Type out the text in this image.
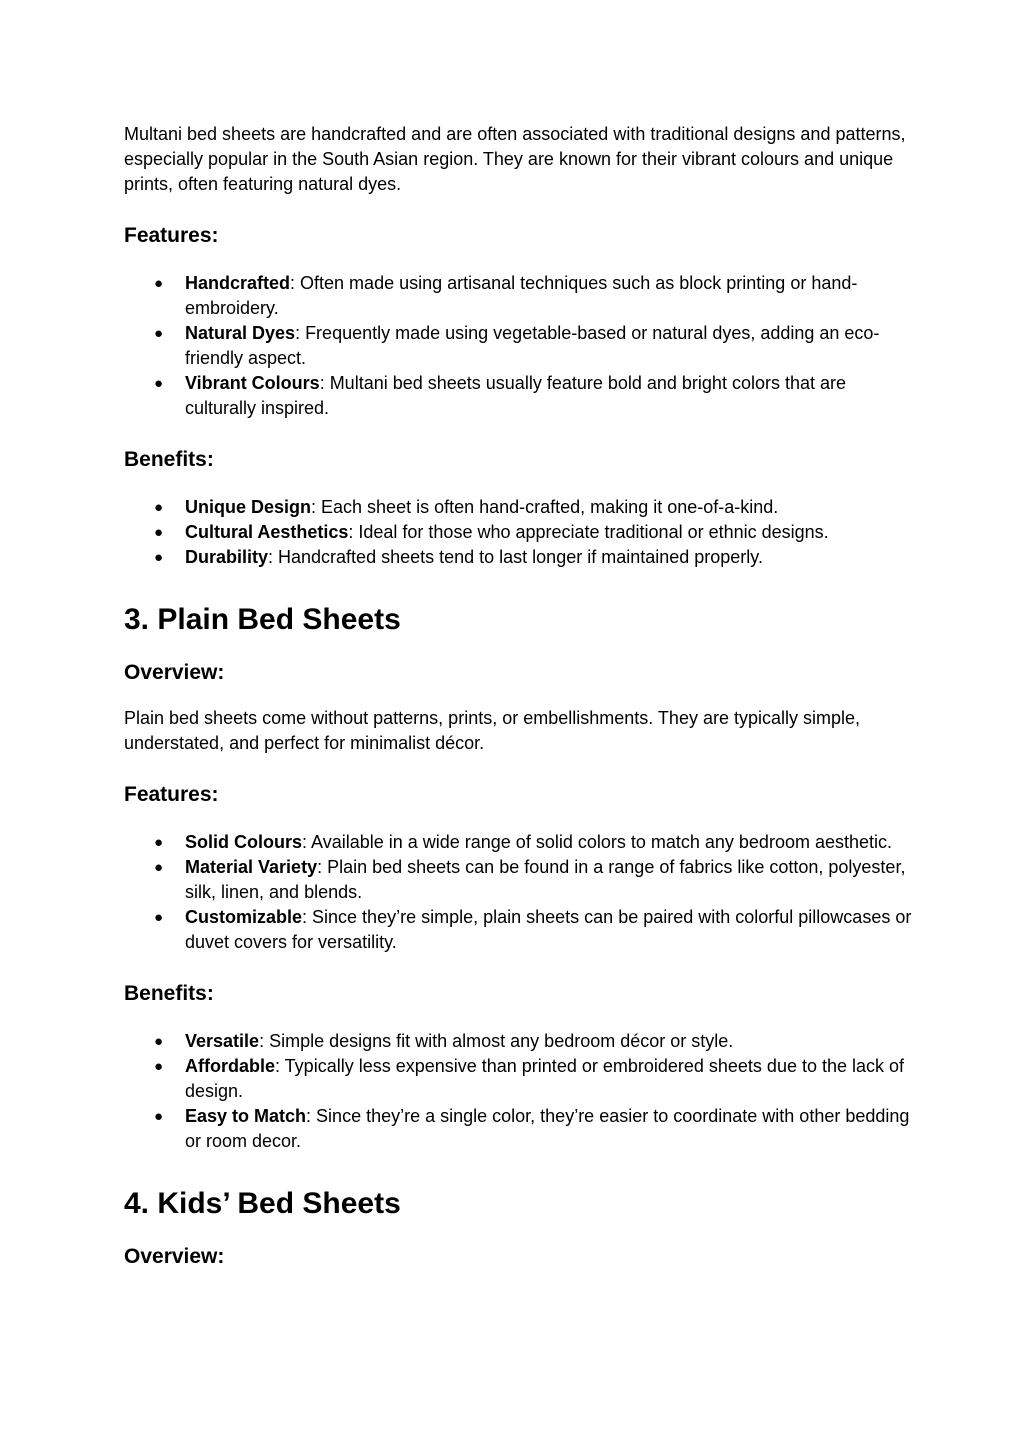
Multani bed sheets are handcrafted and are often associated with traditional designs and patterns, especially popular in the South Asian region. They are known for their vibrant colours and unique prints, often featuring natural dyes.

Features:
● Handcrafted: Often made using artisanal techniques such as block printing or hand-embroidery.
● Natural Dyes: Frequently made using vegetable-based or natural dyes, adding an eco-friendly aspect.
● Vibrant Colours: Multani bed sheets usually feature bold and bright colors that are culturally inspired.
Benefits:
● Unique Design: Each sheet is often hand-crafted, making it one-of-a-kind.
● Cultural Aesthetics: Ideal for those who appreciate traditional or ethnic designs.
● Durability: Handcrafted sheets tend to last longer if maintained properly.
3. Plain Bed Sheets
Overview:

Plain bed sheets come without patterns, prints, or embellishments. They are typically simple, understated, and perfect for minimalist décor.

Features:
● Solid Colours: Available in a wide range of solid colors to match any bedroom aesthetic.
● Material Variety: Plain bed sheets can be found in a range of fabrics like cotton, polyester, silk, linen, and blends.
● Customizable: Since they’re simple, plain sheets can be paired with colorful pillowcases or duvet covers for versatility.
Benefits:
● Versatile: Simple designs fit with almost any bedroom décor or style.
● Affordable: Typically less expensive than printed or embroidered sheets due to the lack of design.
● Easy to Match: Since they’re a single color, they’re easier to coordinate with other bedding or room decor.
4. Kids’ Bed Sheets
Overview:
